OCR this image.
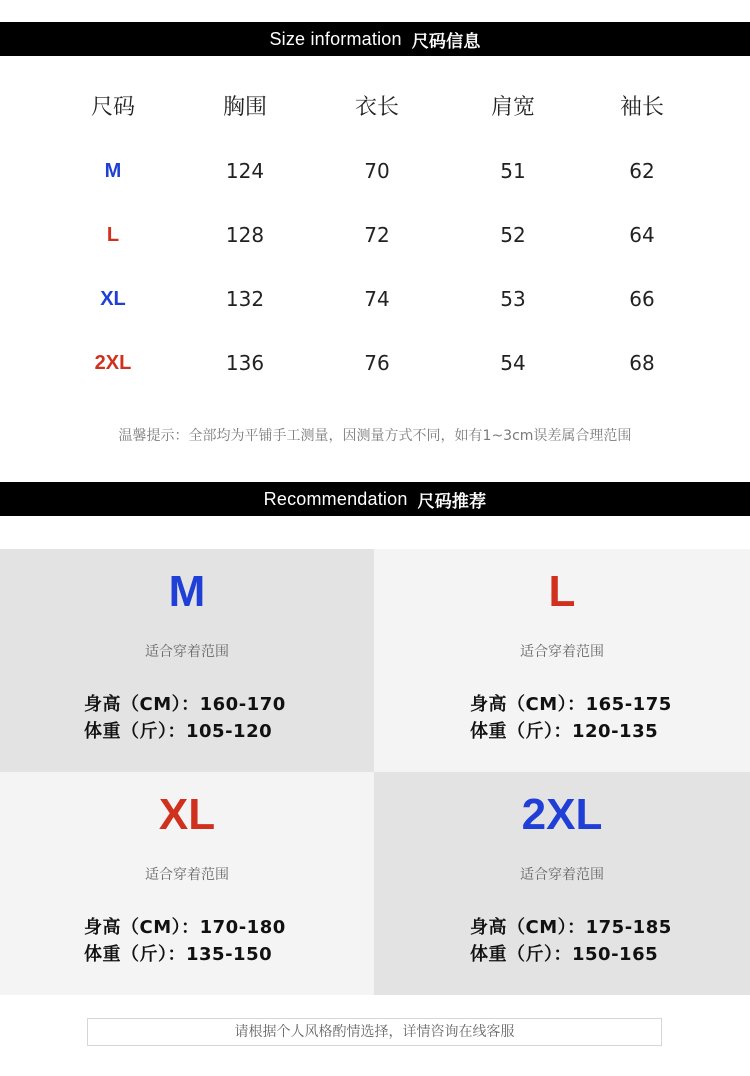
Size information 尺码信息
尺码	胸围	衣长	肩宽	袖长
M	124	70	51	62
L	128	72	52	64
XL	132	74	53	66
2XL	136	76	54	68
温馨提示：全部均为平铺手工测量，因测量方式不同，如有1~3cm误差属合理范围
Recommendation 尺码推荐
M
适合穿着范围
身高（CM）：160-170
体重（斤）：105-120
L
适合穿着范围
身高（CM）：165-175
体重（斤）：120-135
XL
适合穿着范围
身高（CM）：170-180
体重（斤）：135-150
2XL
适合穿着范围
身高（CM）：175-185
体重（斤）：150-165
请根据个人风格酌情选择，详情咨询在线客服
